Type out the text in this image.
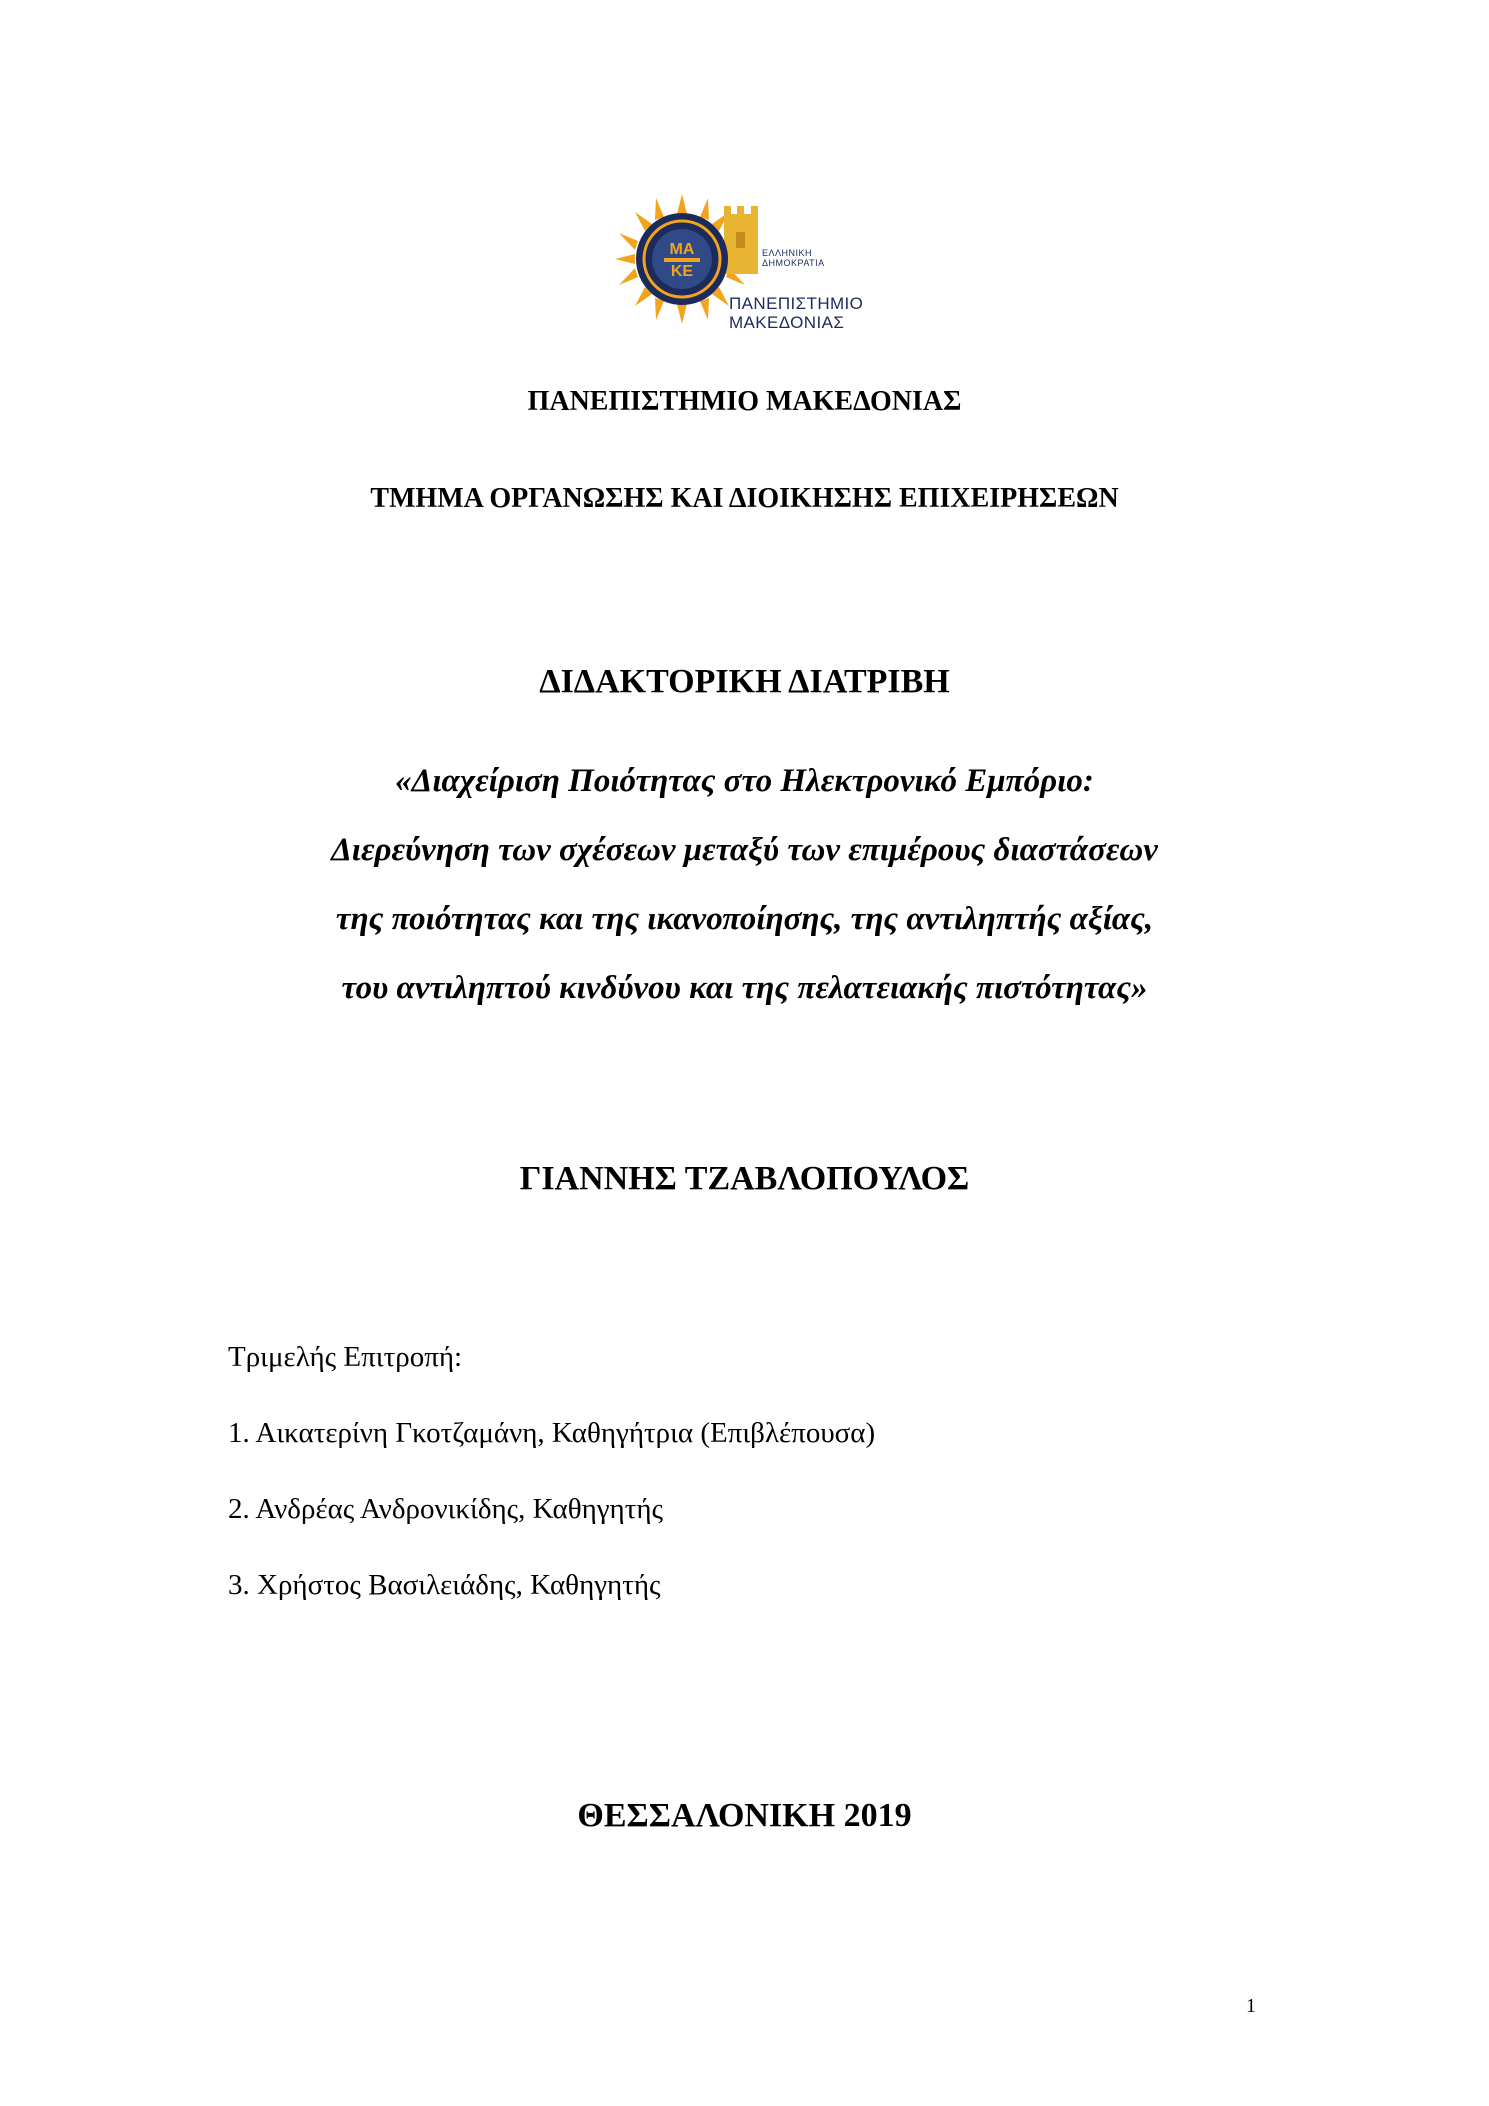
ΜΑ
ΚΕ
ΕΛΛΗΝΙΚΗ
ΔΗΜΟΚΡΑΤΙΑ
ΠΑΝΕΠΙΣΤΗΜΙΟ
ΜΑΚΕΔΟΝΙΑΣ
ΠΑΝΕΠΙΣΤΗΜΙΟ ΜΑΚΕΔΟΝΙΑΣ
ΤΜΗΜΑ ΟΡΓΑΝΩΣΗΣ ΚΑΙ ΔΙΟΙΚΗΣΗΣ ΕΠΙΧΕΙΡΗΣΕΩΝ
ΔΙΔΑΚΤΟΡΙΚΗ ΔΙΑΤΡΙΒΗ
«Διαχείριση Ποιότητας στο Ηλεκτρονικό Εμπόριο:
Διερεύνηση των σχέσεων μεταξύ των επιμέρους διαστάσεων
της ποιότητας και της ικανοποίησης, της αντιληπτής αξίας,
του αντιληπτού κινδύνου και της πελατειακής πιστότητας»
ΓΙΑΝΝΗΣ ΤΖΑΒΛΟΠΟΥΛΟΣ
Τριμελής Επιτροπή:
1. Αικατερίνη Γκοτζαμάνη, Καθηγήτρια (Επιβλέπουσα)
2. Ανδρέας Ανδρονικίδης, Καθηγητής
3. Χρήστος Βασιλειάδης, Καθηγητής
ΘΕΣΣΑΛΟΝΙΚΗ 2019
1
